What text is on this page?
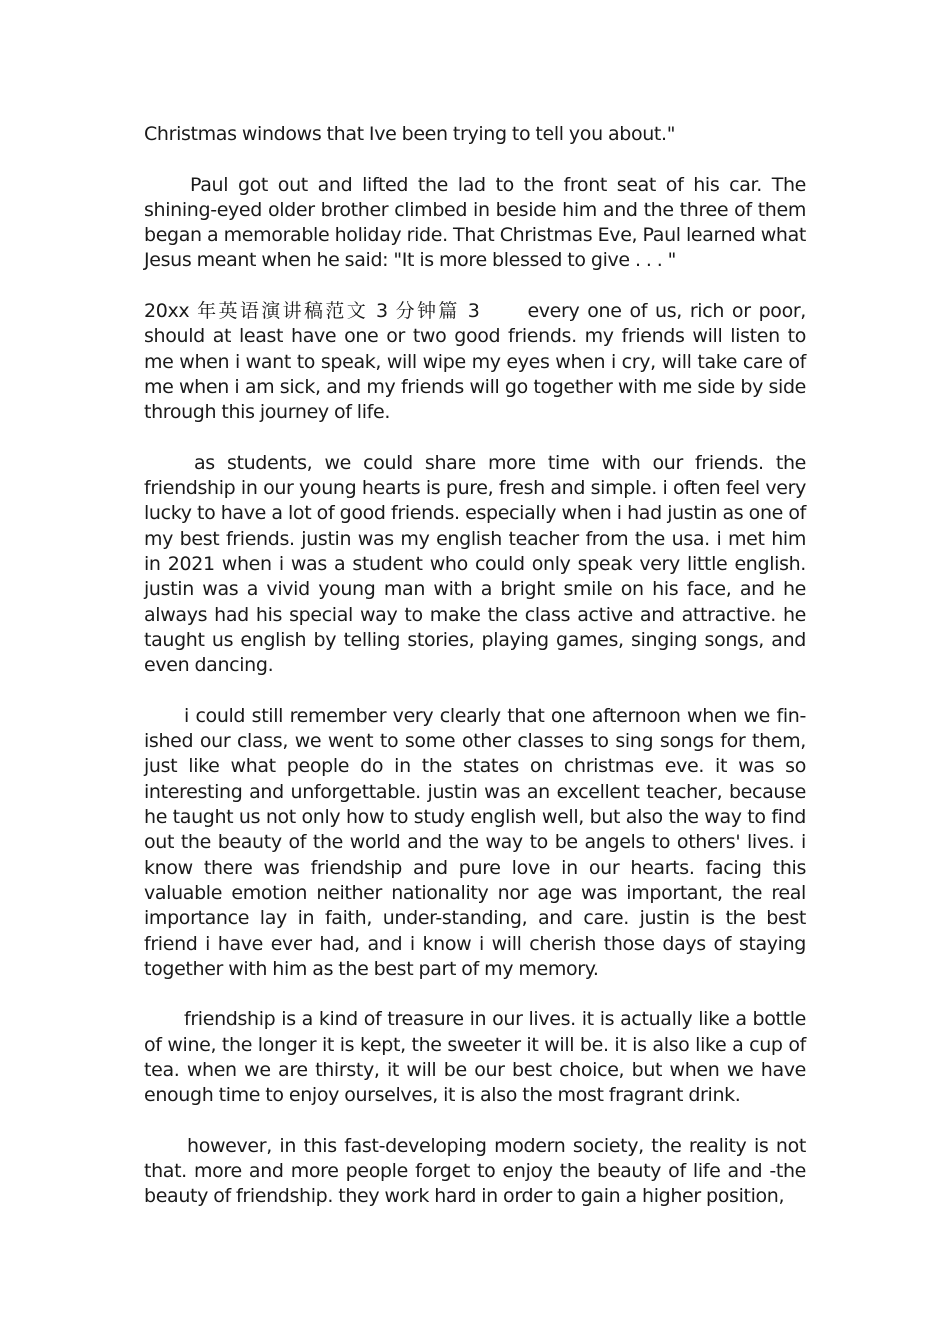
Christmas windows that Ive been trying to tell you about."

Paul got out and lifted the lad to the front seat of his car. The shining-eyed older brother climbed in beside him and the three of them began a memorable holiday ride. That Christmas Eve, Paul learned what Jesus meant when he said: "It is more blessed to give . . . "

20xx 年英语演讲稿范文 3 分钟篇 3	every one of us, rich or poor, should at least have one or two good friends. my friends will listen to me when i want to speak, will wipe my eyes when i cry, will take care of me when i am sick, and my friends will go together with me side by side through this journey of life.

as students, we could share more time with our friends. the friendship in our young hearts is pure, fresh and simple. i often feel very lucky to have a lot of good friends. especially when i had justin as one of my best friends. justin was my english teacher from the usa. i met him in 2021 when i was a student who could only speak very little english. justin was a vivid young man with a bright smile on his face, and he always had his special way to make the class active and attractive. he taught us english by telling stories, playing games, singing songs, and even dancing.

i could still remember very clearly that one afternoon when we fin-ished our class, we went to some other classes to sing songs for them, just like what people do in the states on christmas eve. it was so interesting and unforgettable. justin was an excellent teacher, because he taught us not only how to study english well, but also the way to find out the beauty of the world and the way to be angels to others' lives. i know there was friendship and pure love in our hearts. facing this valuable emotion neither nationality nor age was important, the real importance lay in faith, under-standing, and care. justin is the best friend i have ever had, and i know i will cherish those days of staying together with him as the best part of my memory.

friendship is a kind of treasure in our lives. it is actually like a bottle of wine, the longer it is kept, the sweeter it will be. it is also like a cup of tea. when we are thirsty, it will be our best choice, but when we have enough time to enjoy ourselves, it is also the most fragrant drink.

however, in this fast-developing modern society, the reality is not that. more and more people forget to enjoy the beauty of life and -the beauty of friendship. they work hard in order to gain a higher position,
